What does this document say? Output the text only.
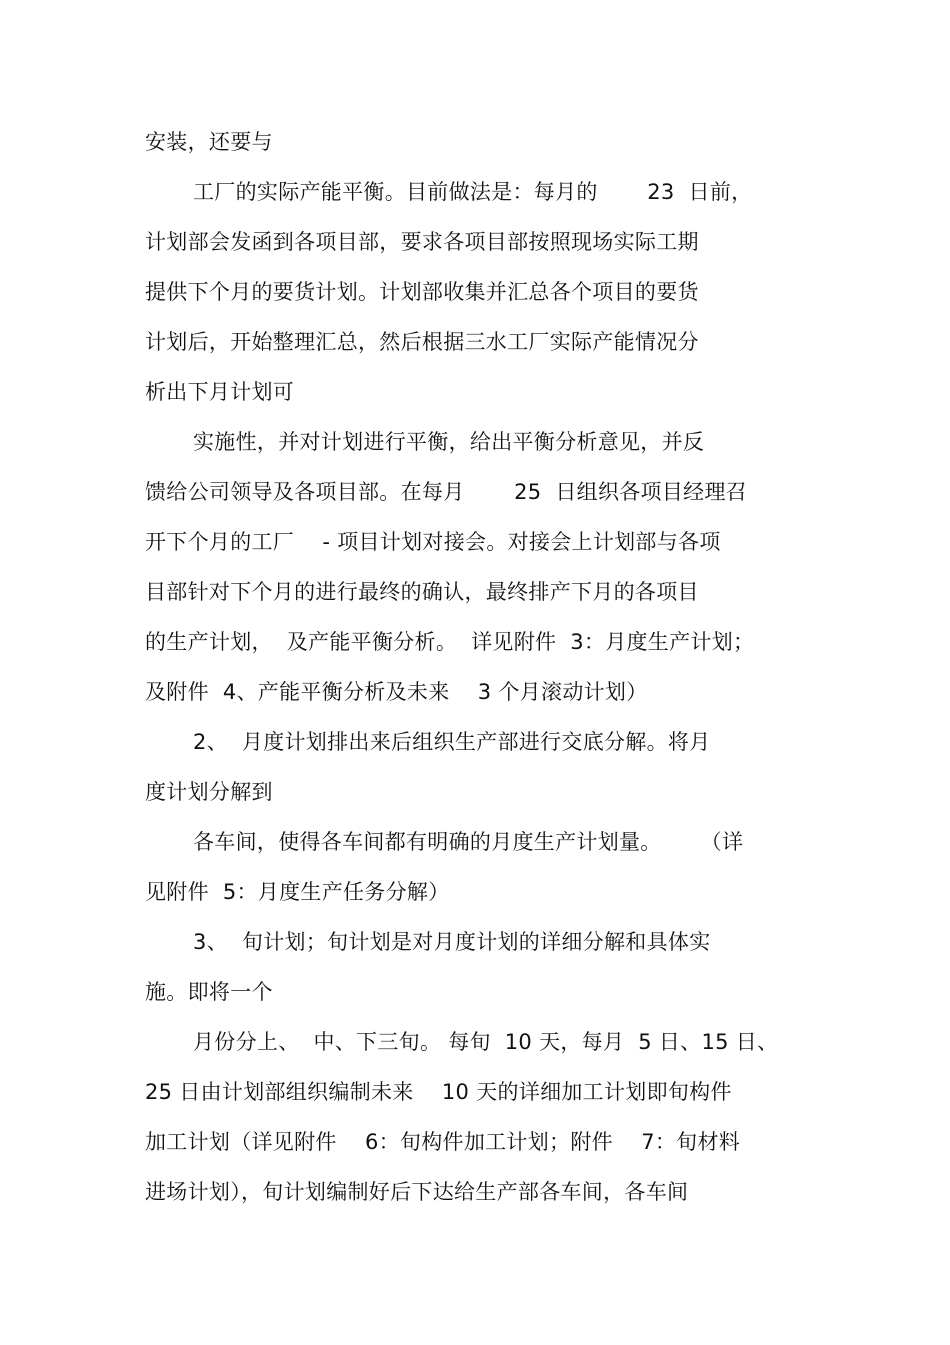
安装，还要与
工厂的实际产能平衡。目前做法是：每月的　　 23  日前，
计划部会发函到各项目部，要求各项目部按照现场实际工期
提供下个月的要货计划。计划部收集并汇总各个项目的要货
计划后，开始整理汇总，然后根据三水工厂实际产能情况分
析出下月计划可
实施性，并对计划进行平衡，给出平衡分析意见，并反
馈给公司领导及各项目部。在每月　　 25  日组织各项目经理召
开下个月的工厂　 - 项目计划对接会。对接会上计划部与各项
目部针对下个月的进行最终的确认，最终排产下月的各项目
的生产计划，  及产能平衡分析。  详见附件  3：月度生产计划；
及附件  4、产能平衡分析及未来　 3 个月滚动计划）
2、  月度计划排出来后组织生产部进行交底分解。将月
度计划分解到
各车间，使得各车间都有明确的月度生产计划量。　　 （详
见附件  5：月度生产任务分解）
3、  旬计划；旬计划是对月度计划的详细分解和具体实
施。即将一个
月份分上、  中、下三旬。 每旬  10 天，每月  5 日、15 日、
25 日由计划部组织编制未来　 10 天的详细加工计划即旬构件
加工计划（详见附件　 6：旬构件加工计划；附件　 7：旬材料
进场计划），旬计划编制好后下达给生产部各车间，各车间
